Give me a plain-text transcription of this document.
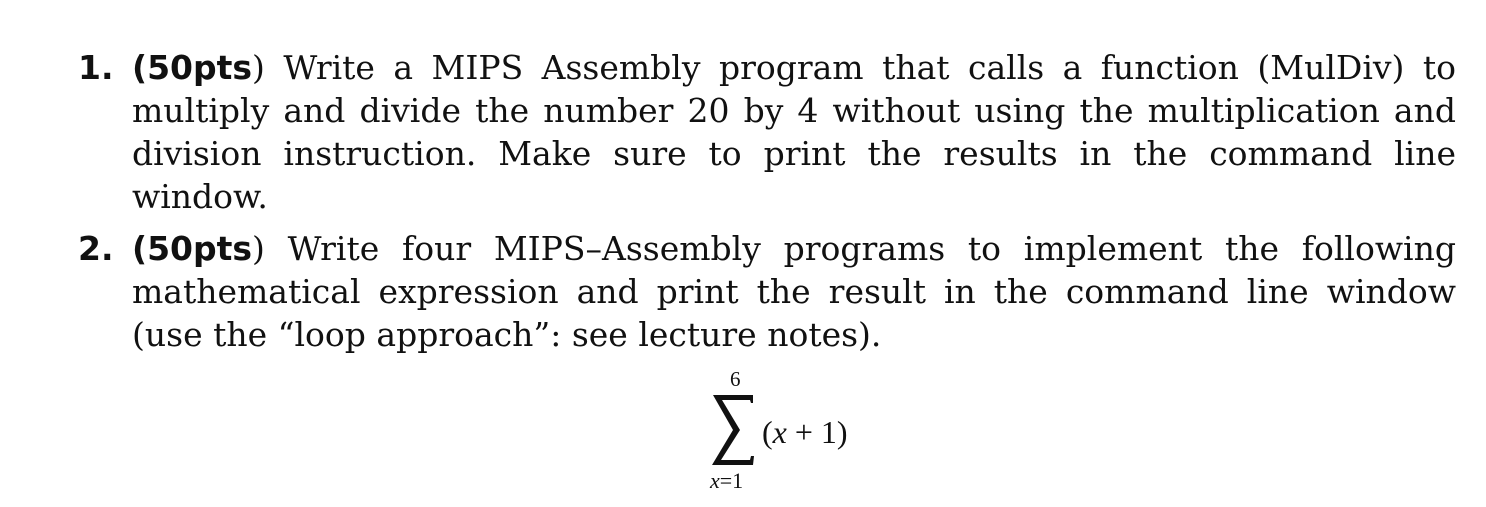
1. (50pts) Write a MIPS Assembly program that calls a function (MulDiv) to multiply and divide the number 20 by 4 without using the multiplication and division instruction. Make sure to print the results in the command line window.
2. (50pts) Write four MIPS–Assembly programs to implement the following mathematical expression and print the result in the command line window (use the “loop approach”: see lecture notes).
6
x=1
(x + 1)
